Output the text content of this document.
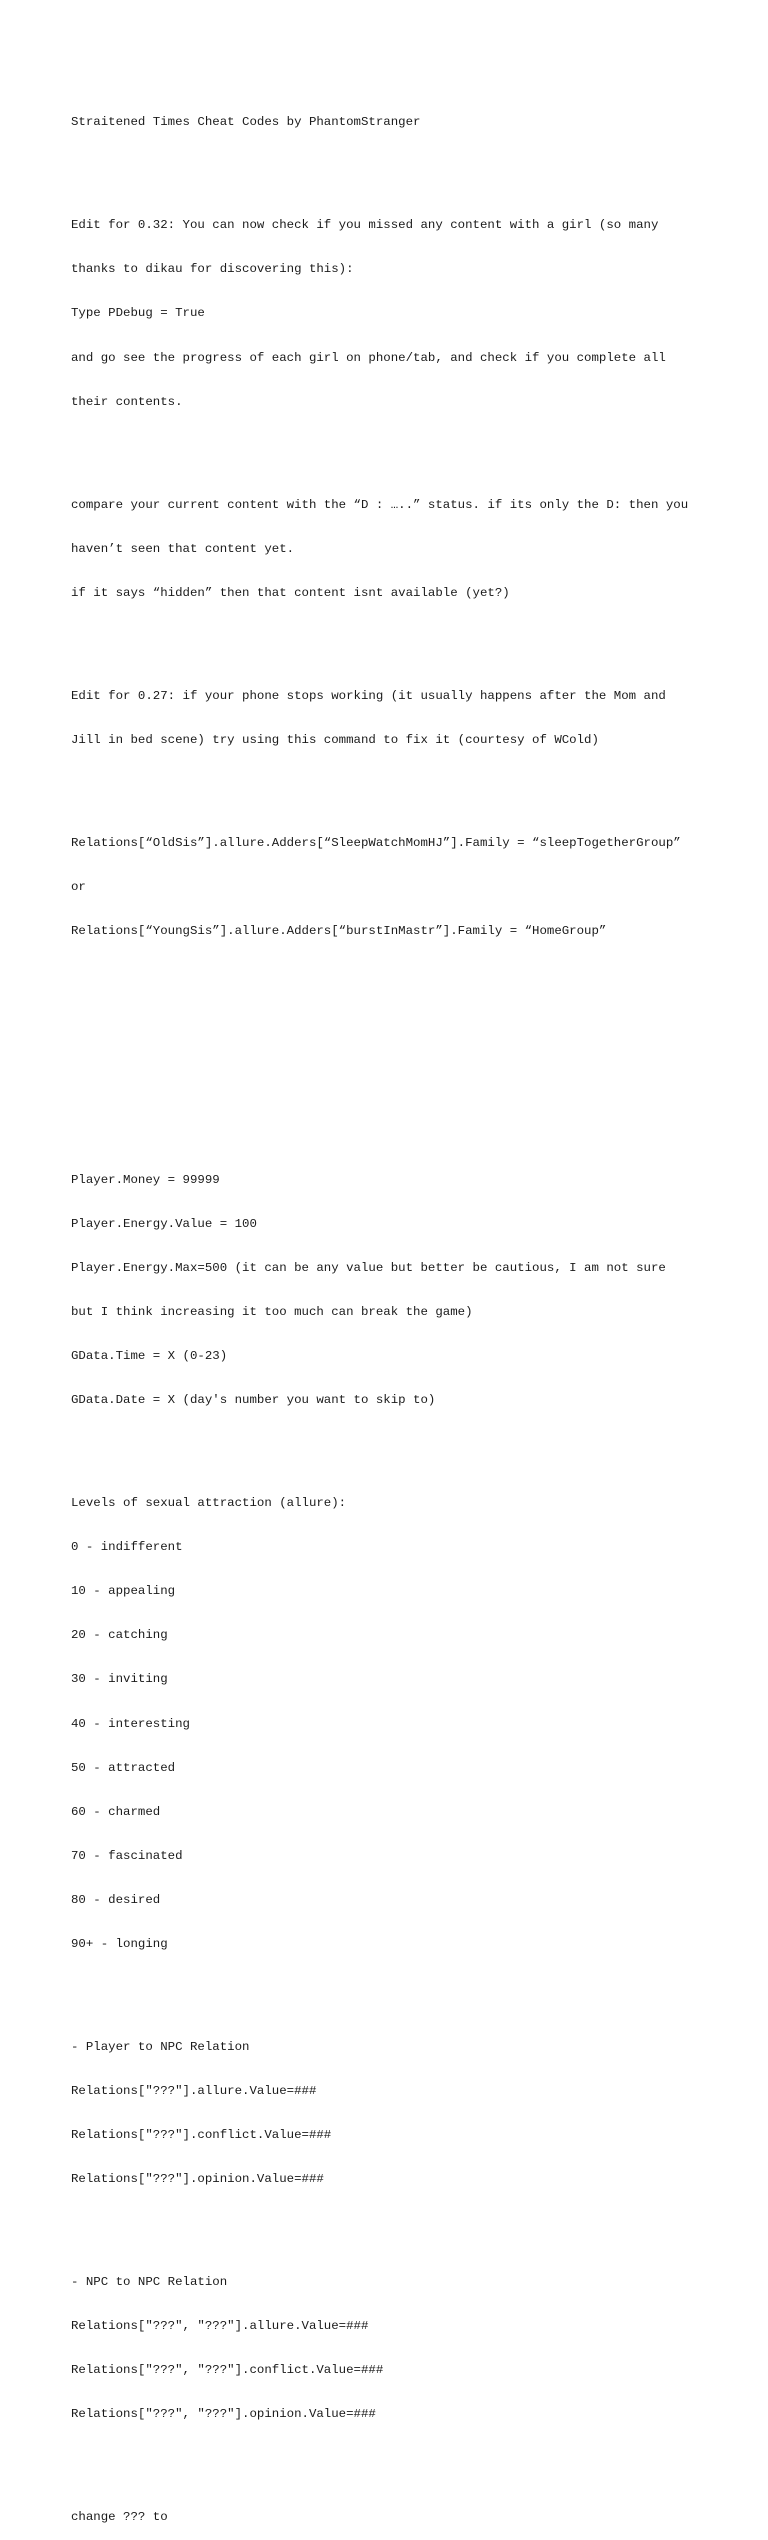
Straitened Times Cheat Codes by PhantomStranger

Edit for 0.32: You can now check if you missed any content with a girl (so many

thanks to dikau for discovering this):

Type PDebug = True

and go see the progress of each girl on phone/tab, and check if you complete all

their contents.

compare your current content with the “D : …..” status. if its only the D: then you

haven’t seen that content yet.

if it says “hidden” then that content isnt available (yet?)

Edit for 0.27: if your phone stops working (it usually happens after the Mom and

Jill in bed scene) try using this command to fix it (courtesy of WCold)

Relations[“OldSis”].allure.Adders[“SleepWatchMomHJ”].Family = “sleepTogetherGroup”

or

Relations[“YoungSis”].allure.Adders[“burstInMastr”].Family = “HomeGroup”

Player.Money = 99999

Player.Energy.Value = 100

Player.Energy.Max=500 (it can be any value but better be cautious, I am not sure

but I think increasing it too much can break the game)

GData.Time = X (0-23)

GData.Date = X (day's number you want to skip to)

Levels of sexual attraction (allure):

0 - indifferent

10 - appealing

20 - catching

30 - inviting

40 - interesting

50 - attracted

60 - charmed

70 - fascinated

80 - desired

90+ - longing

- Player to NPC Relation

Relations["???"].allure.Value=###

Relations["???"].conflict.Value=###

Relations["???"].opinion.Value=###

- NPC to NPC Relation

Relations["???", "???"].allure.Value=###

Relations["???", "???"].conflict.Value=###

Relations["???", "???"].opinion.Value=###

change ??? to
